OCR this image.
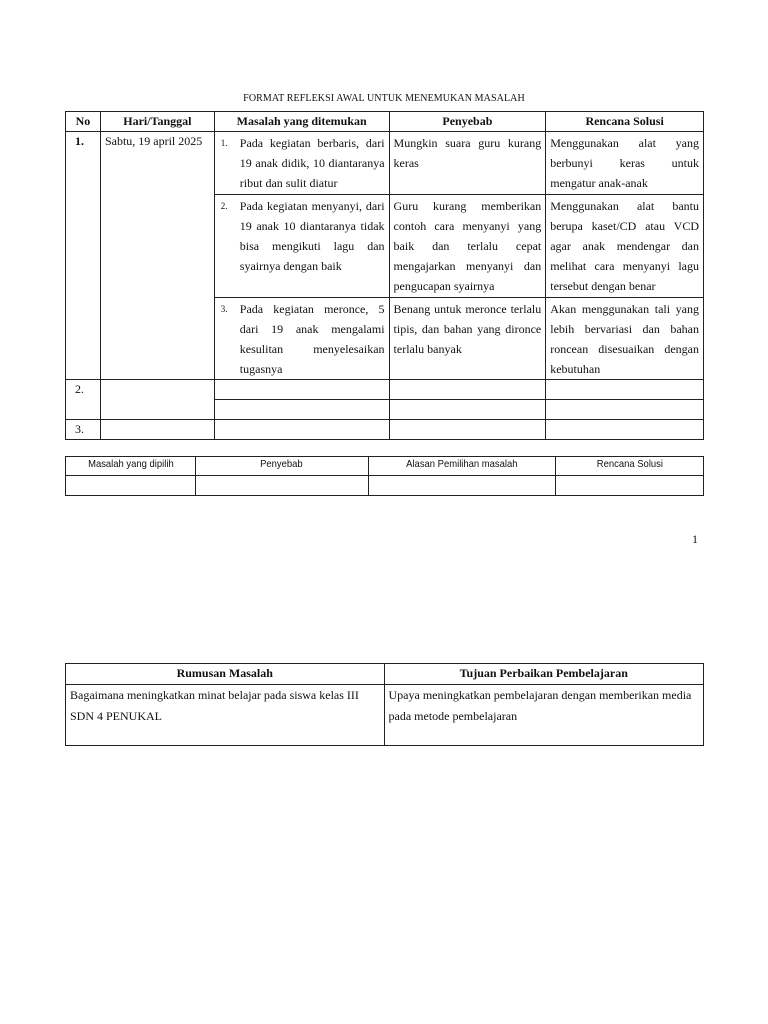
FORMAT REFLEKSI AWAL UNTUK MENEMUKAN MASALAH
No	Hari/Tanggal	Masalah yang ditemukan	Penyebab	Rencana Solusi
1.	Sabtu, 19 april 2025	1. Pada kegiatan berbaris, dari 19 anak didik, 10 diantaranya ribut dan sulit diatur	Mungkin suara guru kurang keras	Menggunakan alat yang berbunyi keras untuk mengatur anak-anak

		2. Pada kegiatan menyanyi, dari 19 anak 10 diantaranya tidak bisa mengikuti lagu dan syairnya dengan baik	Guru kurang memberikan contoh cara menyanyi yang baik dan terlalu cepat mengajarkan menyanyi dan pengucapan syairnya	Menggunakan alat bantu berupa kaset/CD atau VCD agar anak mendengar dan melihat cara menyanyi lagu tersebut dengan benar

		3. Pada kegiatan meronce, 5 dari 19 anak mengalami kesulitan menyelesaikan tugasnya	Benang untuk meronce terlalu tipis, dan bahan yang dironce terlalu banyak	Akan menggunakan tali yang lebih bervariasi dan bahan roncean disesuaikan dengan kebutuhan

2.				

3.				
Masalah yang dipilih	Penyebab	Alasan Pemilihan masalah	Rencana Solusi

1
Rumusan Masalah	Tujuan Perbaikan Pembelajaran
Bagaimana meningkatkan minat belajar pada siswa kelas III SDN 4 PENUKAL	Upaya meningkatkan pembelajaran dengan memberikan media pada metode pembelajaran
